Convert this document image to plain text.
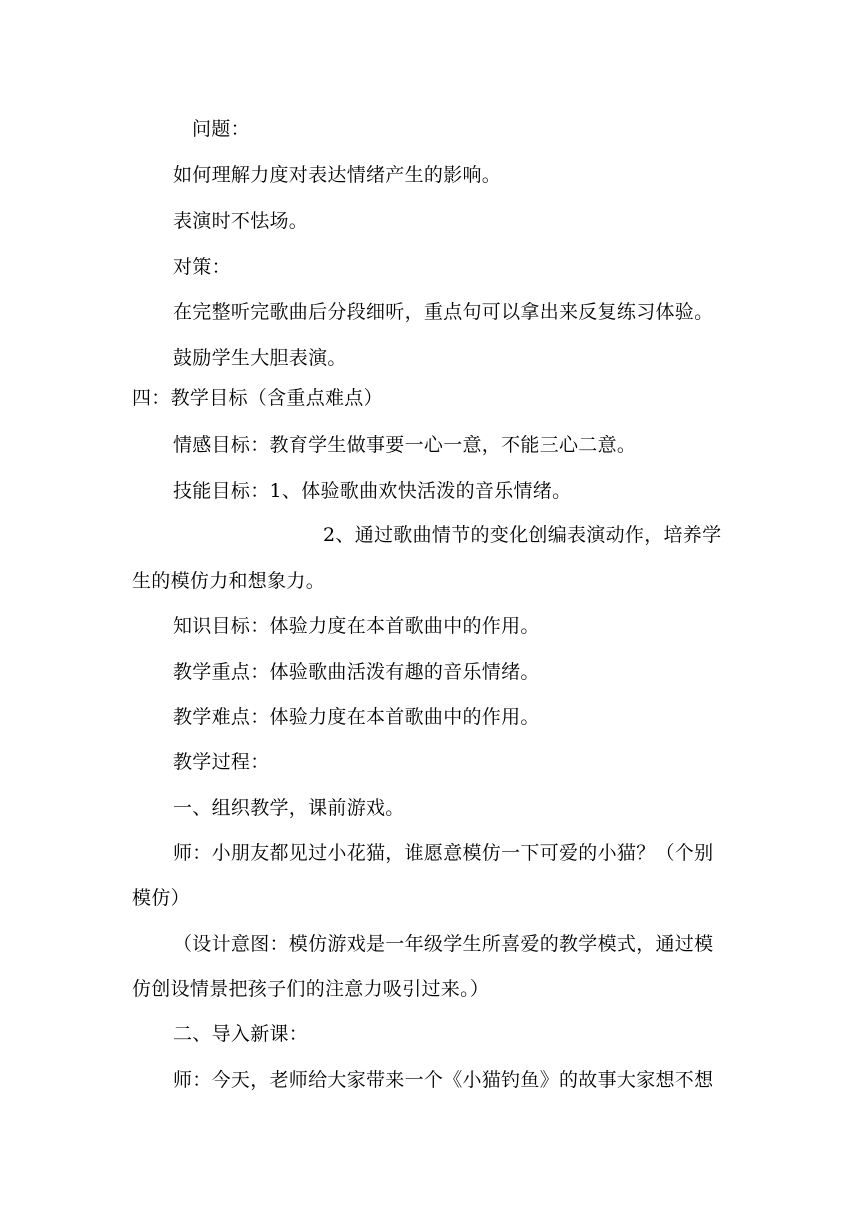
问题：
如何理解力度对表达情绪产生的影响。
表演时不怯场。
对策：
在完整听完歌曲后分段细听，重点句可以拿出来反复练习体验。
鼓励学生大胆表演。
四：教学目标（含重点难点）
情感目标：教育学生做事要一心一意，不能三心二意。
技能目标：1、体验歌曲欢快活泼的音乐情绪。
2、通过歌曲情节的变化创编表演动作，培养学
生的模仿力和想象力。
知识目标：体验力度在本首歌曲中的作用。
教学重点：体验歌曲活泼有趣的音乐情绪。
教学难点：体验力度在本首歌曲中的作用。
教学过程：
一、组织教学，课前游戏。
师：小朋友都见过小花猫，谁愿意模仿一下可爱的小猫？（个别
模仿）
（设计意图：模仿游戏是一年级学生所喜爱的教学模式，通过模
仿创设情景把孩子们的注意力吸引过来。）
二、导入新课：
师：今天，老师给大家带来一个《小猫钓鱼》的故事大家想不想
